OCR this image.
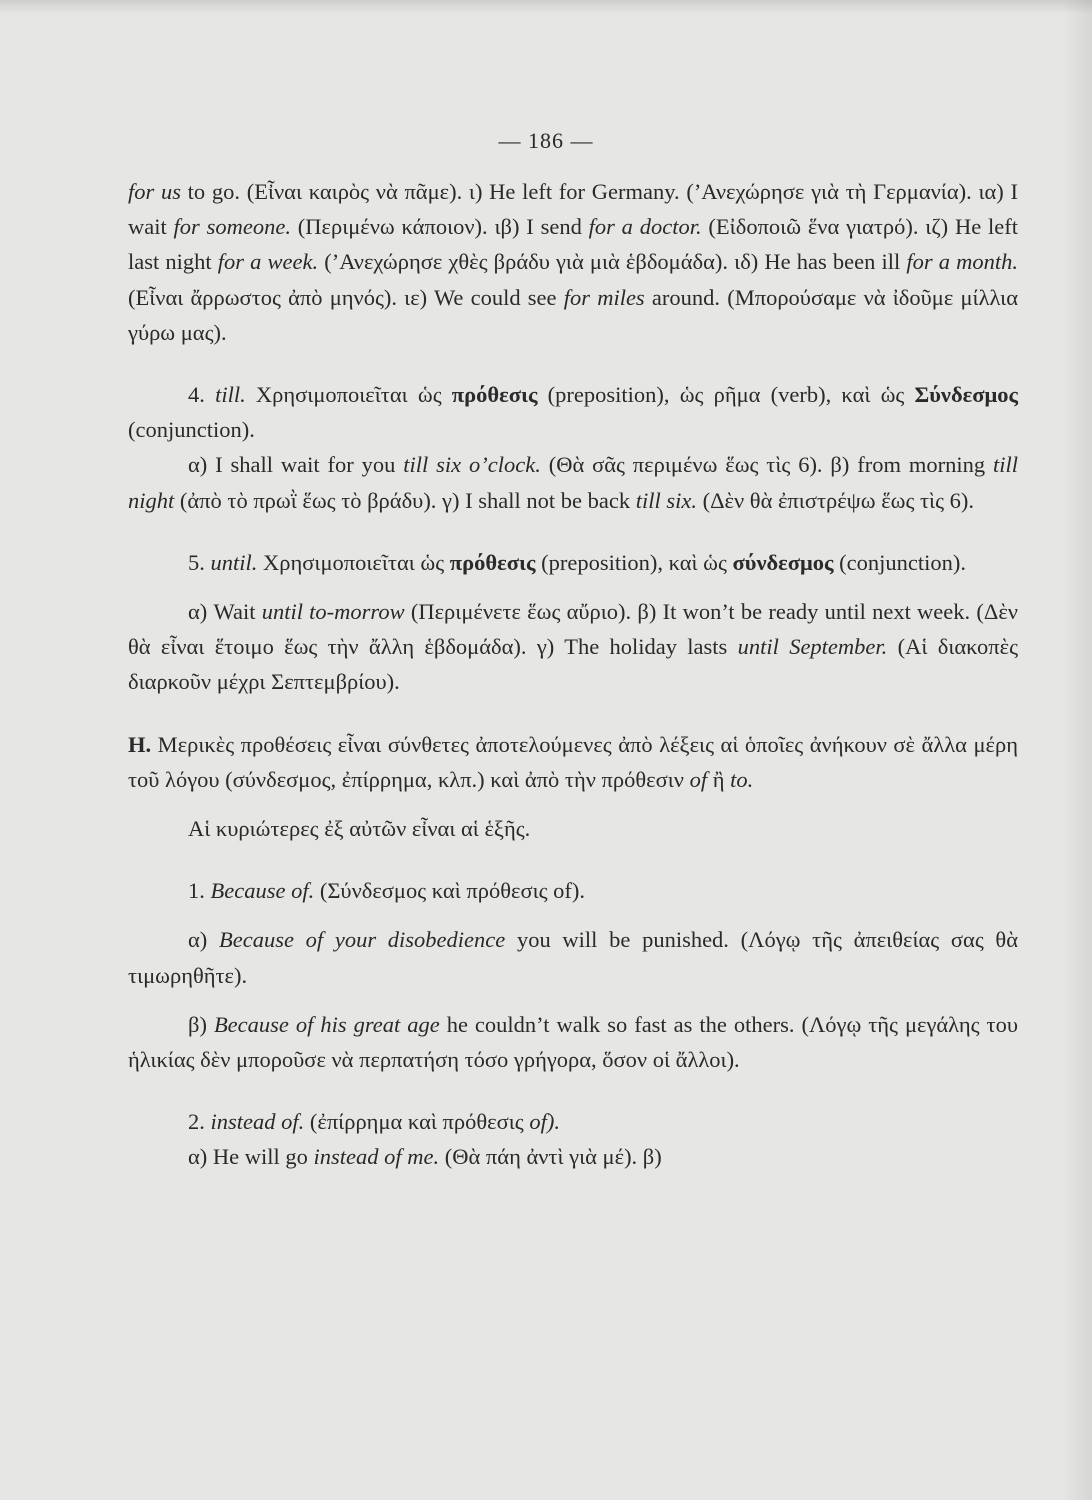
— 186 —

for us to go. (Εἶναι καιρὸς νὰ πᾶμε). ι) He left for Germany. (’Ανεχώρησε γιὰ τὴ Γερμανία). ια) I wait for someone. (Περιμένω κάποιον). ιβ) I send for a doctor. (Εἰδοποιῶ ἕνα γιατρό). ιζ) He left last night for a week. (’Ανεχώρησε χθὲς βράδυ γιὰ μιὰ ἑβδομάδα). ιδ) He has been ill for a month. (Εἶναι ἄρρωστος ἀπὸ μηνός). ιε) We could see for miles around. (Μπορούσαμε νὰ ἰδοῦμε μίλλια γύρω μας).

4. till. Χρησιμοποιεῖται ὡς πρόθεσις (preposition), ὡς ρῆμα (verb), καὶ ὡς Σύνδεσμος (conjunction).

α) I shall wait for you till six o’clock. (Θὰ σᾶς περιμένω ἕως τὶς 6). β) from morning till night (ἀπὸ τὸ πρωῒ ἕως τὸ βράδυ). γ) I shall not be back till six. (Δὲν θὰ ἐπιστρέψω ἕως τὶς 6).

5. until. Χρησιμοποιεῖται ὡς πρόθεσις (preposition), καὶ ὡς σύνδεσμος (conjunction).

α) Wait until to-morrow (Περιμένετε ἕως αὔριο). β) It won’t be ready until next week. (Δὲν θὰ εἶναι ἕτοιμο ἕως τὴν ἄλλη ἑβδομάδα). γ) The holiday lasts until September. (Αἱ διακοπὲς διαρκοῦν μέχρι Σεπτεμβρίου).

Η. Μερικὲς προθέσεις εἶναι σύνθετες ἀποτελούμενες ἀπὸ λέξεις αἱ ὁποῖες ἀνήκουν σὲ ἄλλα μέρη τοῦ λόγου (σύνδεσμος, ἐπίρρημα, κλπ.) καὶ ἀπὸ τὴν πρόθεσιν of ἢ to.

Αἱ κυριώτερες ἐξ αὐτῶν εἶναι αἱ ἑξῆς.

1. Because of. (Σύνδεσμος καὶ πρόθεσις of).

α) Because of your disobedience you will be punished. (Λόγῳ τῆς ἀπειθείας σας θὰ τιμωρηθῆτε).

β) Because of his great age he couldn’t walk so fast as the others. (Λόγῳ τῆς μεγάλης του ἡλικίας δὲν μποροῦσε νὰ περπατήση τόσο γρήγορα, ὅσον οἱ ἄλλοι).

2. instead of. (ἐπίρρημα καὶ πρόθεσις of).

α) He will go instead of me. (Θὰ πάη ἀντὶ γιὰ μέ). β)
